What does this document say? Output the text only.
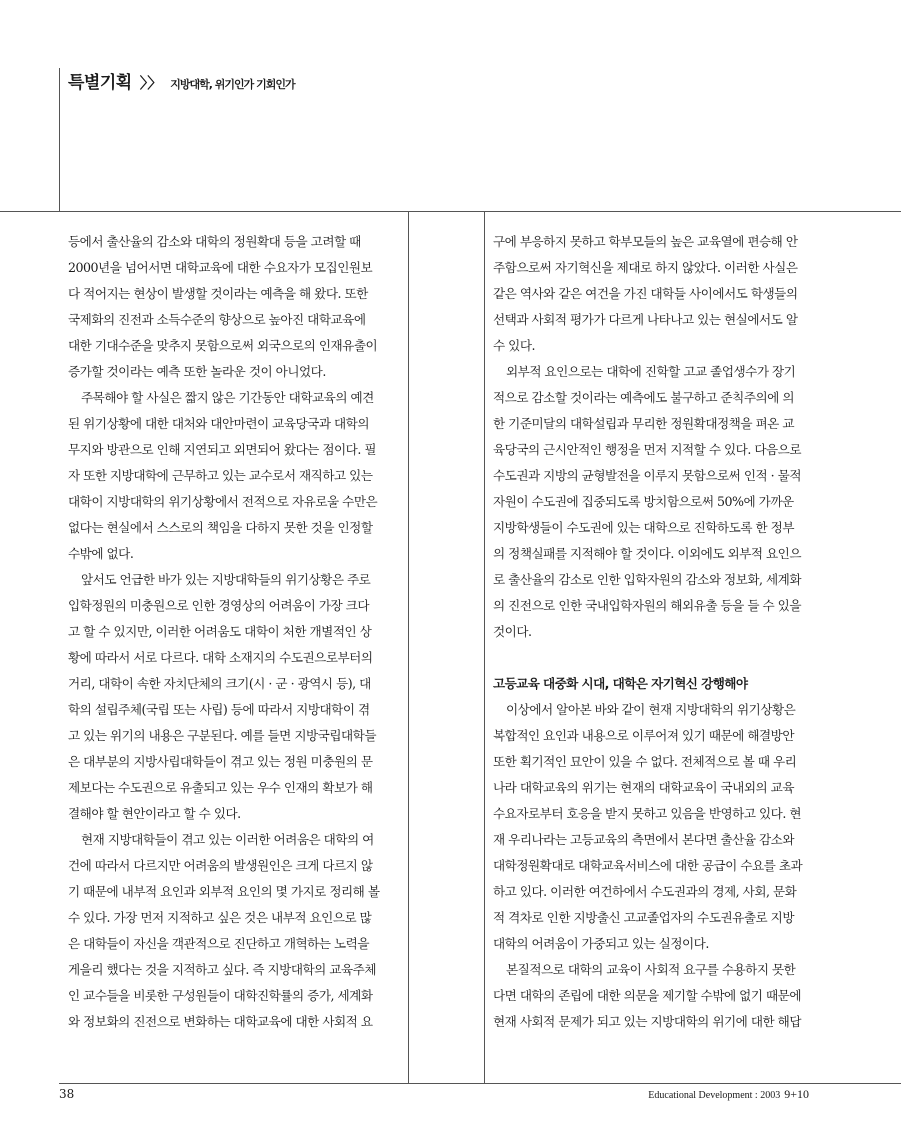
특별기획 〉〉 지방대학, 위기인가 기회인가

등에서 출산율의 감소와 대학의 정원확대 등을 고려할 때
2000년을 넘어서면 대학교육에 대한 수요자가 모집인원보
다 적어지는 현상이 발생할 것이라는 예측을 해 왔다. 또한
국제화의 진전과 소득수준의 향상으로 높아진 대학교육에
대한 기대수준을 맞추지 못함으로써 외국으로의 인재유출이
증가할 것이라는 예측 또한 놀라운 것이 아니었다.

주목해야 할 사실은 짧지 않은 기간동안 대학교육의 예견
된 위기상황에 대한 대처와 대안마련이 교육당국과 대학의
무지와 방관으로 인해 지연되고 외면되어 왔다는 점이다. 필
자 또한 지방대학에 근무하고 있는 교수로서 재직하고 있는
대학이 지방대학의 위기상황에서 전적으로 자유로울 수만은
없다는 현실에서 스스로의 책임을 다하지 못한 것을 인정할
수밖에 없다.

앞서도 언급한 바가 있는 지방대학들의 위기상황은 주로
입학정원의 미충원으로 인한 경영상의 어려움이 가장 크다
고 할 수 있지만, 이러한 어려움도 대학이 처한 개별적인 상
황에 따라서 서로 다르다. 대학 소재지의 수도권으로부터의
거리, 대학이 속한 자치단체의 크기(시 · 군 · 광역시 등), 대
학의 설립주체(국립 또는 사립) 등에 따라서 지방대학이 겪
고 있는 위기의 내용은 구분된다. 예를 들면 지방국립대학들
은 대부분의 지방사립대학들이 겪고 있는 정원 미충원의 문
제보다는 수도권으로 유출되고 있는 우수 인재의 확보가 해
결해야 할 현안이라고 할 수 있다.

현재 지방대학들이 겪고 있는 이러한 어려움은 대학의 여
건에 따라서 다르지만 어려움의 발생원인은 크게 다르지 않
기 때문에 내부적 요인과 외부적 요인의 몇 가지로 정리해 볼
수 있다. 가장 먼저 지적하고 싶은 것은 내부적 요인으로 많
은 대학들이 자신을 객관적으로 진단하고 개혁하는 노력을
게을리 했다는 것을 지적하고 싶다. 즉 지방대학의 교육주체
인 교수들을 비롯한 구성원들이 대학진학률의 증가, 세계화
와 정보화의 진전으로 변화하는 대학교육에 대한 사회적 요

구에 부응하지 못하고 학부모들의 높은 교육열에 편승해 안
주함으로써 자기혁신을 제대로 하지 않았다. 이러한 사실은
같은 역사와 같은 여건을 가진 대학들 사이에서도 학생들의
선택과 사회적 평가가 다르게 나타나고 있는 현실에서도 알
수 있다.

외부적 요인으로는 대학에 진학할 고교 졸업생수가 장기
적으로 감소할 것이라는 예측에도 불구하고 준칙주의에 의
한 기준미달의 대학설립과 무리한 정원확대정책을 펴온 교
육당국의 근시안적인 행정을 먼저 지적할 수 있다. 다음으로
수도권과 지방의 균형발전을 이루지 못함으로써 인적 · 물적
자원이 수도권에 집중되도록 방치함으로써 50%에 가까운
지방학생들이 수도권에 있는 대학으로 진학하도록 한 정부
의 정책실패를 지적해야 할 것이다. 이외에도 외부적 요인으
로 출산율의 감소로 인한 입학자원의 감소와 정보화, 세계화
의 진전으로 인한 국내입학자원의 해외유출 등을 들 수 있을
것이다.

고등교육 대중화 시대, 대학은 자기혁신 강행해야

이상에서 알아본 바와 같이 현재 지방대학의 위기상황은
복합적인 요인과 내용으로 이루어져 있기 때문에 해결방안
또한 획기적인 묘안이 있을 수 없다. 전체적으로 볼 때 우리
나라 대학교육의 위기는 현재의 대학교육이 국내외의 교육
수요자로부터 호응을 받지 못하고 있음을 반영하고 있다. 현
재 우리나라는 고등교육의 측면에서 본다면 출산율 감소와
대학정원확대로 대학교육서비스에 대한 공급이 수요를 초과
하고 있다. 이러한 여건하에서 수도권과의 경제, 사회, 문화
적 격차로 인한 지방출신 고교졸업자의 수도권유출로 지방
대학의 어려움이 가중되고 있는 실정이다.

본질적으로 대학의 교육이 사회적 요구를 수용하지 못한
다면 대학의 존립에 대한 의문을 제기할 수밖에 없기 때문에
현재 사회적 문제가 되고 있는 지방대학의 위기에 대한 해답

38	Educational Development : 2003 9+10
